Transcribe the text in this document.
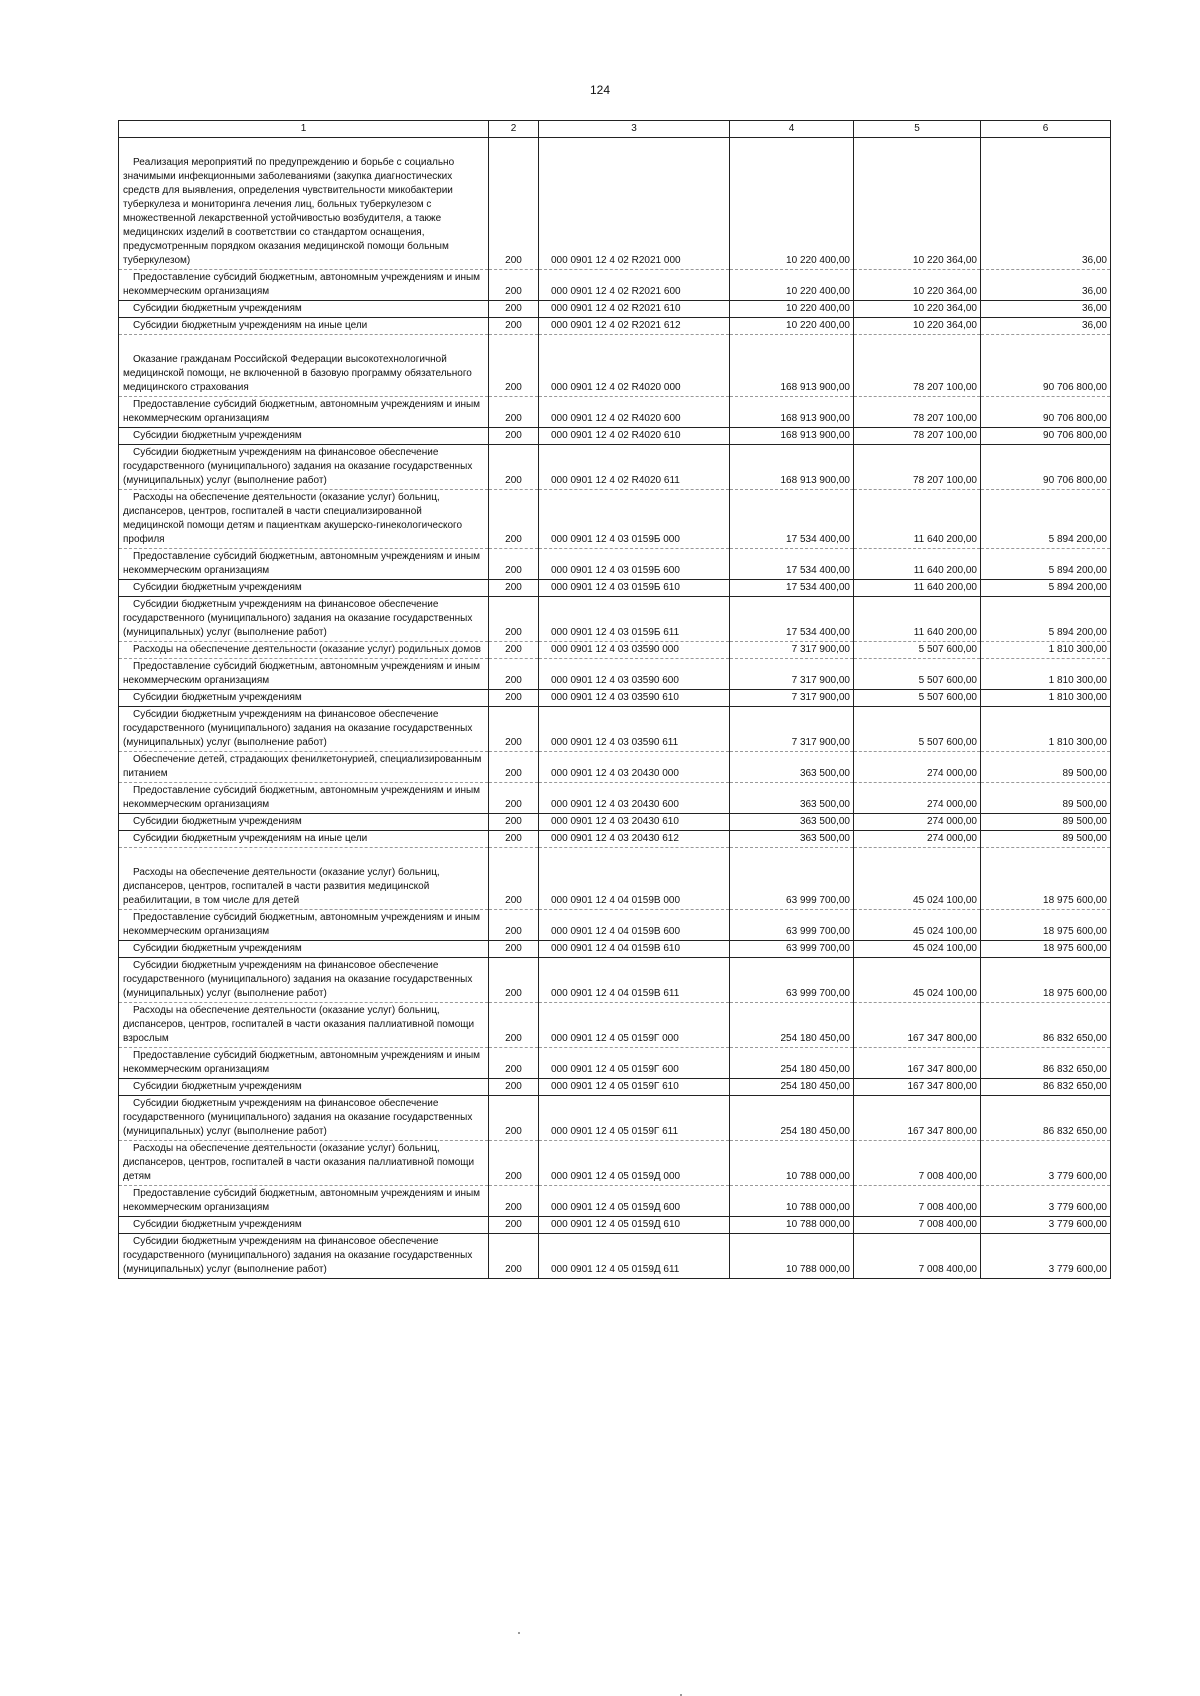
124
1	2	3	4	5	6

Реализация мероприятий по предупреждению и борьбе с социально значимыми инфекционными заболеваниями (закупка диагностических средств для выявления, определения чувствительности микобактерии туберкулеза и мониторинга лечения лиц, больных туберкулезом с множественной лекарственной устойчивостью возбудителя, а также медицинских изделий в соответствии со стандартом оснащения, предусмотренным порядком оказания медицинской помощи больным туберкулезом)	200	000 0901 12 4 02 R2021 000	10 220 400,00	10 220 364,00	36,00

Предоставление субсидий бюджетным, автономным учреждениям и иным некоммерческим организациям	200	000 0901 12 4 02 R2021 600	10 220 400,00	10 220 364,00	36,00

Субсидии бюджетным учреждениям	200	000 0901 12 4 02 R2021 610	10 220 400,00	10 220 364,00	36,00

Субсидии бюджетным учреждениям на иные цели	200	000 0901 12 4 02 R2021 612	10 220 400,00	10 220 364,00	36,00

Оказание гражданам Российской Федерации высокотехнологичной медицинской помощи, не включенной в базовую программу обязательного медицинского страхования	200	000 0901 12 4 02 R4020 000	168 913 900,00	78 207 100,00	90 706 800,00

Предоставление субсидий бюджетным, автономным учреждениям и иным некоммерческим организациям	200	000 0901 12 4 02 R4020 600	168 913 900,00	78 207 100,00	90 706 800,00

Субсидии бюджетным учреждениям	200	000 0901 12 4 02 R4020 610	168 913 900,00	78 207 100,00	90 706 800,00

Субсидии бюджетным учреждениям на финансовое обеспечение государственного (муниципального) задания на оказание государственных (муниципальных) услуг (выполнение работ)	200	000 0901 12 4 02 R4020 611	168 913 900,00	78 207 100,00	90 706 800,00

Расходы на обеспечение деятельности (оказание услуг) больниц, диспансеров, центров, госпиталей в части специализированной медицинской помощи детям и пациенткам акушерско-гинекологического профиля	200	000 0901 12 4 03 0159Б 000	17 534 400,00	11 640 200,00	5 894 200,00

Предоставление субсидий бюджетным, автономным учреждениям и иным некоммерческим организациям	200	000 0901 12 4 03 0159Б 600	17 534 400,00	11 640 200,00	5 894 200,00

Субсидии бюджетным учреждениям	200	000 0901 12 4 03 0159Б 610	17 534 400,00	11 640 200,00	5 894 200,00

Субсидии бюджетным учреждениям на финансовое обеспечение государственного (муниципального) задания на оказание государственных (муниципальных) услуг (выполнение работ)	200	000 0901 12 4 03 0159Б 611	17 534 400,00	11 640 200,00	5 894 200,00

Расходы на обеспечение деятельности (оказание услуг) родильных домов	200	000 0901 12 4 03 03590 000	7 317 900,00	5 507 600,00	1 810 300,00

Предоставление субсидий бюджетным, автономным учреждениям и иным некоммерческим организациям	200	000 0901 12 4 03 03590 600	7 317 900,00	5 507 600,00	1 810 300,00

Субсидии бюджетным учреждениям	200	000 0901 12 4 03 03590 610	7 317 900,00	5 507 600,00	1 810 300,00

Субсидии бюджетным учреждениям на финансовое обеспечение государственного (муниципального) задания на оказание государственных (муниципальных) услуг (выполнение работ)	200	000 0901 12 4 03 03590 611	7 317 900,00	5 507 600,00	1 810 300,00

Обеспечение детей, страдающих фенилкетонурией, специализированным питанием	200	000 0901 12 4 03 20430 000	363 500,00	274 000,00	89 500,00

Предоставление субсидий бюджетным, автономным учреждениям и иным некоммерческим организациям	200	000 0901 12 4 03 20430 600	363 500,00	274 000,00	89 500,00

Субсидии бюджетным учреждениям	200	000 0901 12 4 03 20430 610	363 500,00	274 000,00	89 500,00

Субсидии бюджетным учреждениям на иные цели	200	000 0901 12 4 03 20430 612	363 500,00	274 000,00	89 500,00

Расходы на обеспечение деятельности (оказание услуг) больниц, диспансеров, центров, госпиталей в части развития медицинской реабилитации, в том числе для детей	200	000 0901 12 4 04 0159В 000	63 999 700,00	45 024 100,00	18 975 600,00

Предоставление субсидий бюджетным, автономным учреждениям и иным некоммерческим организациям	200	000 0901 12 4 04 0159В 600	63 999 700,00	45 024 100,00	18 975 600,00

Субсидии бюджетным учреждениям	200	000 0901 12 4 04 0159В 610	63 999 700,00	45 024 100,00	18 975 600,00

Субсидии бюджетным учреждениям на финансовое обеспечение государственного (муниципального) задания на оказание государственных (муниципальных) услуг (выполнение работ)	200	000 0901 12 4 04 0159В 611	63 999 700,00	45 024 100,00	18 975 600,00

Расходы на обеспечение деятельности (оказание услуг) больниц, диспансеров, центров, госпиталей в части оказания паллиативной помощи взрослым	200	000 0901 12 4 05 0159Г 000	254 180 450,00	167 347 800,00	86 832 650,00

Предоставление субсидий бюджетным, автономным учреждениям и иным некоммерческим организациям	200	000 0901 12 4 05 0159Г 600	254 180 450,00	167 347 800,00	86 832 650,00

Субсидии бюджетным учреждениям	200	000 0901 12 4 05 0159Г 610	254 180 450,00	167 347 800,00	86 832 650,00

Субсидии бюджетным учреждениям на финансовое обеспечение государственного (муниципального) задания на оказание государственных (муниципальных) услуг (выполнение работ)	200	000 0901 12 4 05 0159Г 611	254 180 450,00	167 347 800,00	86 832 650,00

Расходы на обеспечение деятельности (оказание услуг) больниц, диспансеров, центров, госпиталей в части оказания паллиативной помощи детям	200	000 0901 12 4 05 0159Д 000	10 788 000,00	7 008 400,00	3 779 600,00

Предоставление субсидий бюджетным, автономным учреждениям и иным некоммерческим организациям	200	000 0901 12 4 05 0159Д 600	10 788 000,00	7 008 400,00	3 779 600,00

Субсидии бюджетным учреждениям	200	000 0901 12 4 05 0159Д 610	10 788 000,00	7 008 400,00	3 779 600,00

Субсидии бюджетным учреждениям на финансовое обеспечение государственного (муниципального) задания на оказание государственных (муниципальных) услуг (выполнение работ)	200	000 0901 12 4 05 0159Д 611	10 788 000,00	7 008 400,00	3 779 600,00
